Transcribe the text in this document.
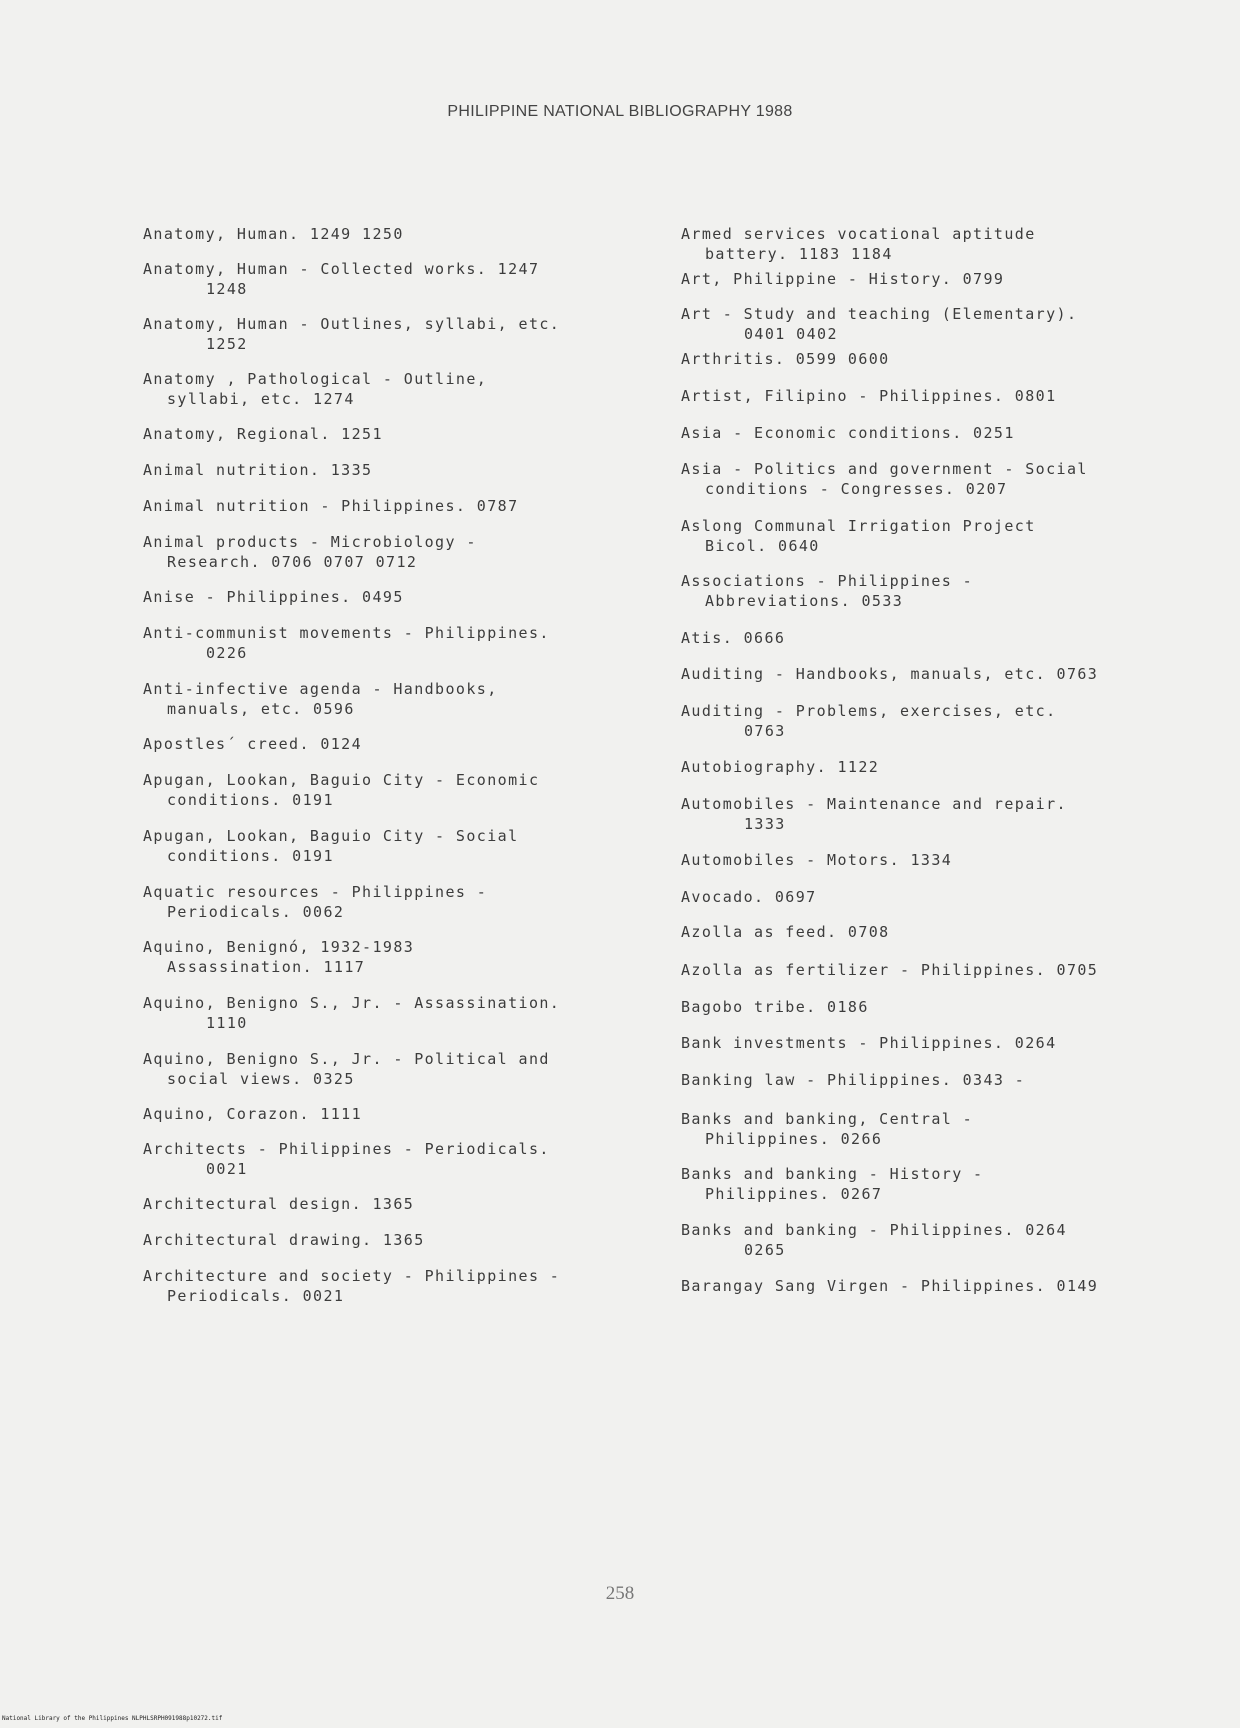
PHILIPPINE NATIONAL BIBLIOGRAPHY 1988
Anatomy, Human. 1249 1250
Anatomy, Human - Collected works. 1247
1248
Anatomy, Human - Outlines, syllabi, etc.
1252
Anatomy , Pathological - Outline,
syllabi, etc. 1274
Anatomy, Regional. 1251
Animal nutrition. 1335
Animal nutrition - Philippines. 0787
Animal products - Microbiology -
Research. 0706 0707 0712
Anise - Philippines. 0495
Anti-communist movements - Philippines.
0226
Anti-infective agenda - Handbooks,
manuals, etc. 0596
Apostles´ creed. 0124
Apugan, Lookan, Baguio City - Economic
conditions. 0191
Apugan, Lookan, Baguio City - Social
conditions. 0191
Aquatic resources - Philippines -
Periodicals. 0062
Aquino, Benignó, 1932-1983
Assassination. 1117
Aquino, Benigno S., Jr. - Assassination.
1110
Aquino, Benigno S., Jr. - Political and
social views. 0325
Aquino, Corazon. 1111
Architects - Philippines - Periodicals.
0021
Architectural design. 1365
Architectural drawing. 1365
Architecture and society - Philippines -
Periodicals. 0021
Armed services vocational aptitude
battery. 1183 1184
Art, Philippine - History. 0799
Art - Study and teaching (Elementary).
0401 0402
Arthritis. 0599 0600
Artist, Filipino - Philippines. 0801
Asia - Economic conditions. 0251
Asia - Politics and government - Social
conditions - Congresses. 0207
Aslong Communal Irrigation Project
Bicol. 0640
Associations - Philippines -
Abbreviations. 0533
Atis. 0666
Auditing - Handbooks, manuals, etc. 0763
Auditing - Problems, exercises, etc.
0763
Autobiography. 1122
Automobiles - Maintenance and repair.
1333
Automobiles - Motors. 1334
Avocado. 0697
Azolla as feed. 0708
Azolla as fertilizer - Philippines. 0705
Bagobo tribe. 0186
Bank investments - Philippines. 0264
Banking law - Philippines. 0343 -
Banks and banking, Central -
Philippines. 0266
Banks and banking - History -
Philippines. 0267
Banks and banking - Philippines. 0264
0265
Barangay Sang Virgen - Philippines. 0149
258
National Library of the Philippines NLPHLSRPH091988p10272.tif
